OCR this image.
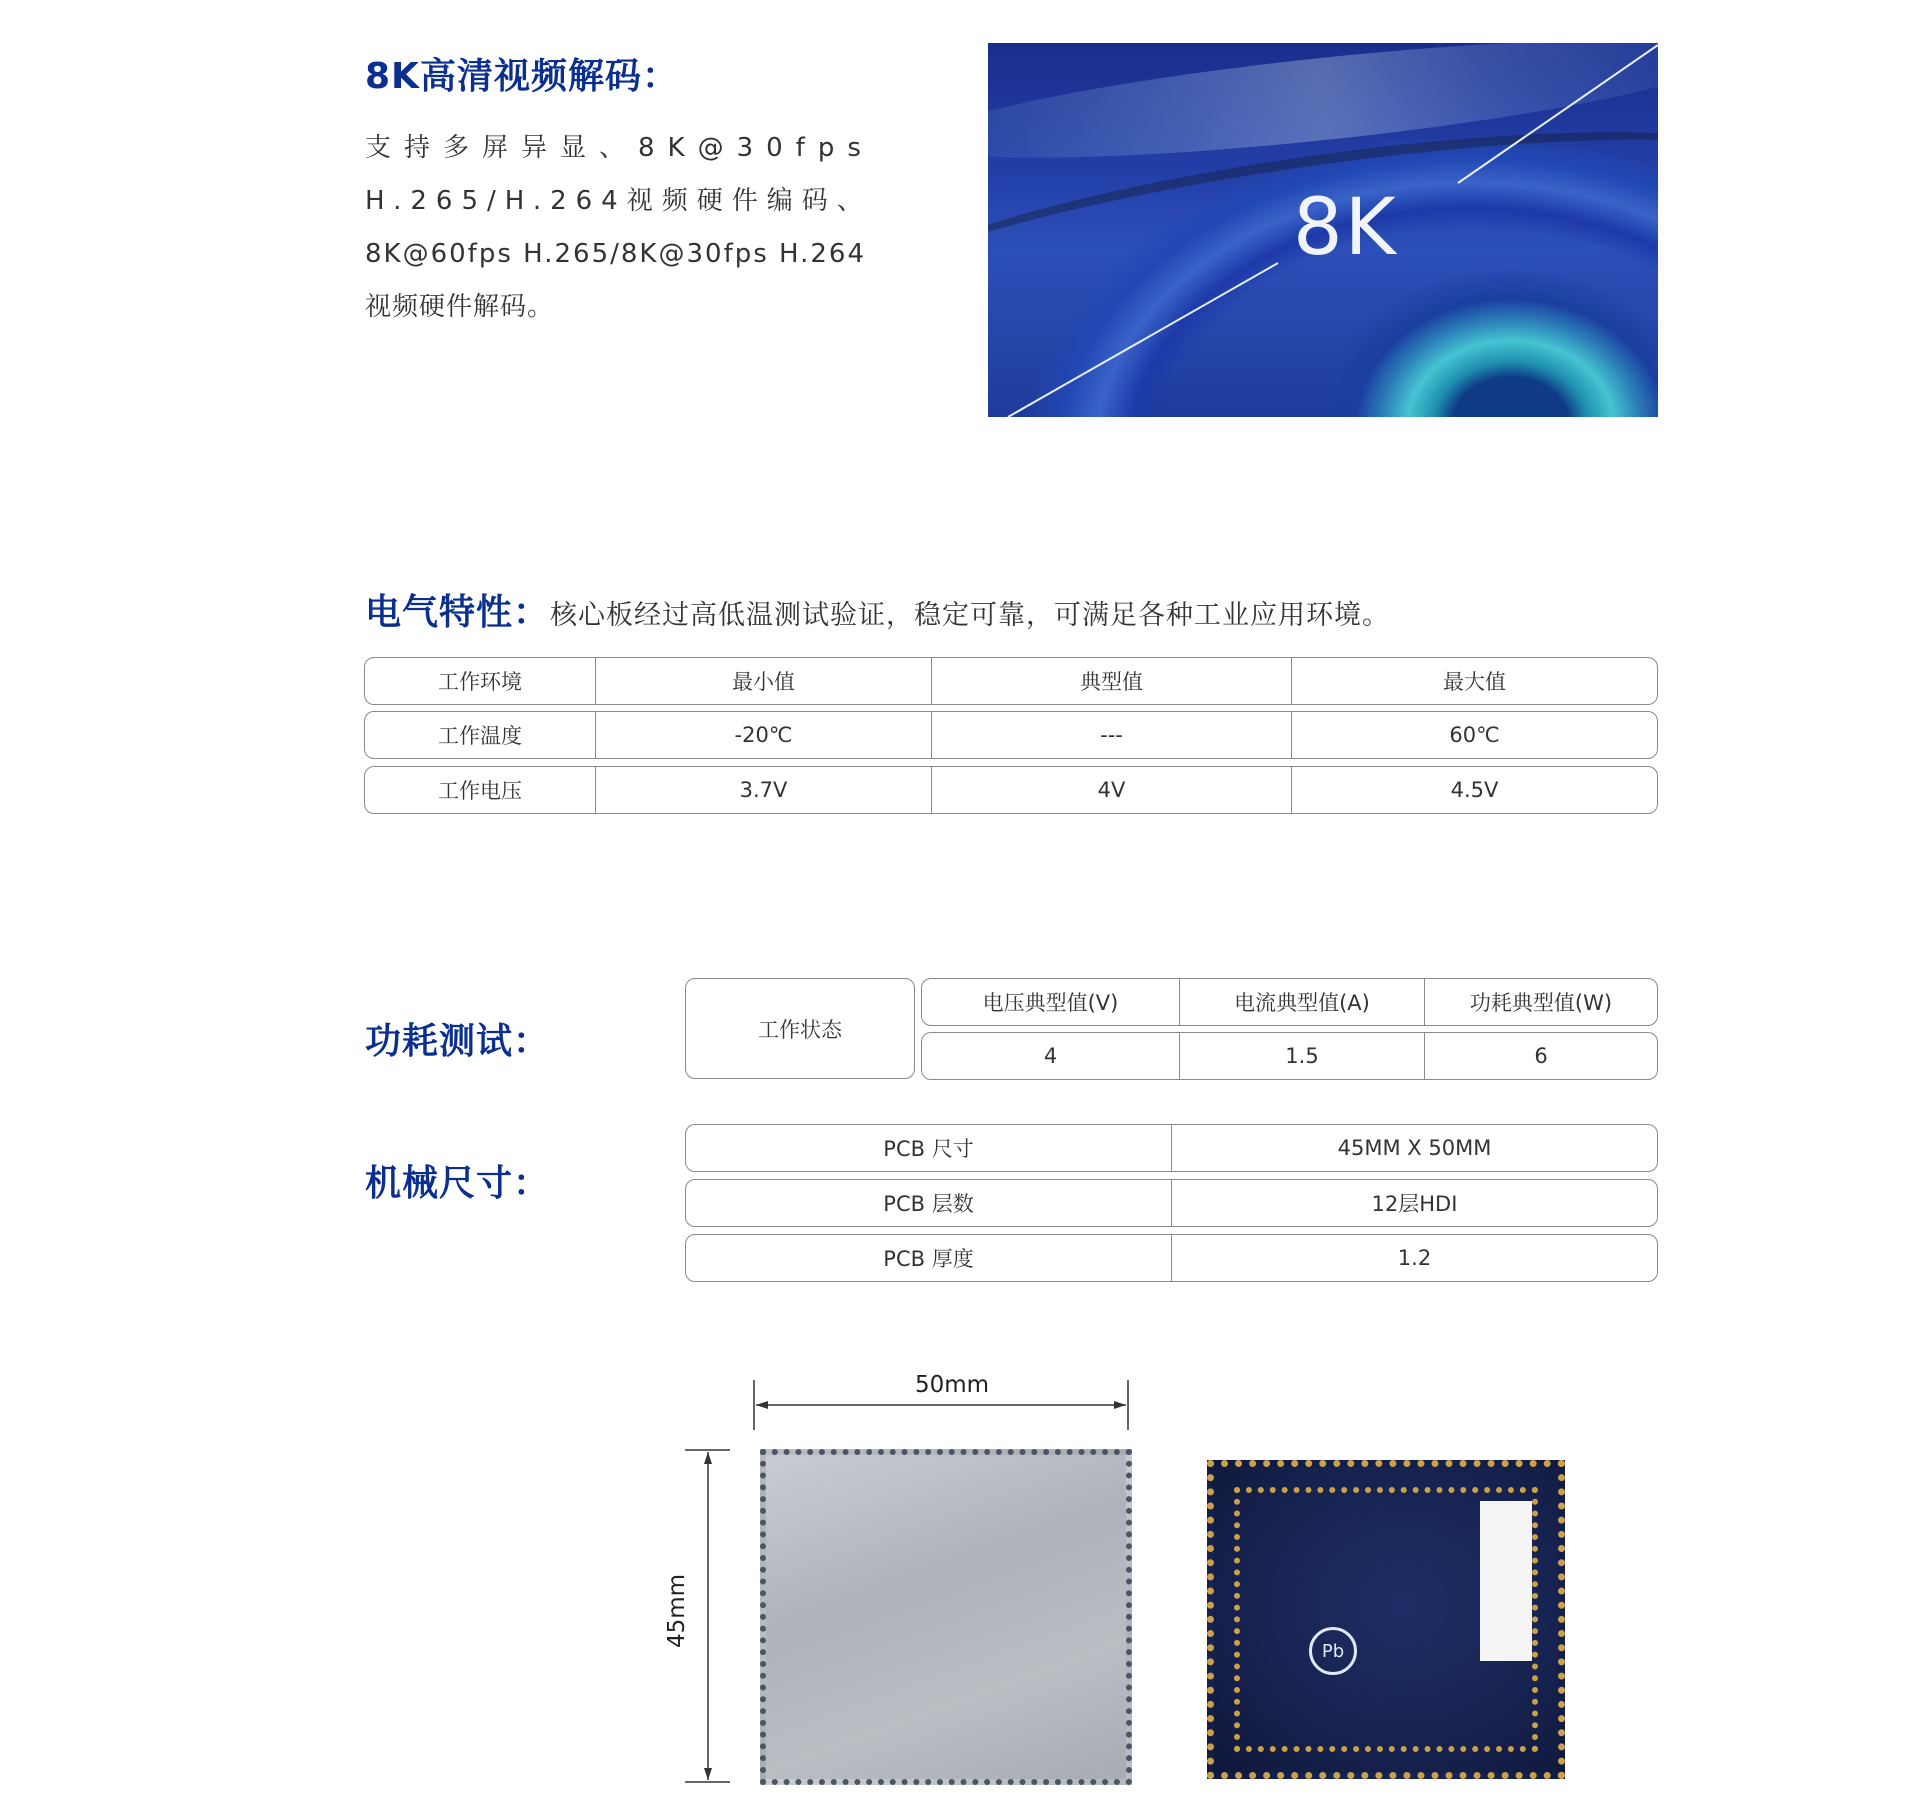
8K高清视频解码：
支持多屏异显、8K@30fps
H.265/H.264视频硬件编码、
8K@60fps H.265/8K@30fps H.264
视频硬件解码。
8K
电气特性： 核心板经过高低温测试验证，稳定可靠，可满足各种工业应用环境。
工作环境	最小值	典型值	最大值
工作温度	-20℃	---	60℃
工作电压	3.7V	4V	4.5V
功耗测试：	工作状态
电压典型值(V)	电流典型值(A)	功耗典型值(W)
4	1.5	6
机械尺寸：
PCB 尺寸	45MM X 50MM
PCB 层数	12层HDI
PCB 厚度	1.2
50mm
45mm
Pb
